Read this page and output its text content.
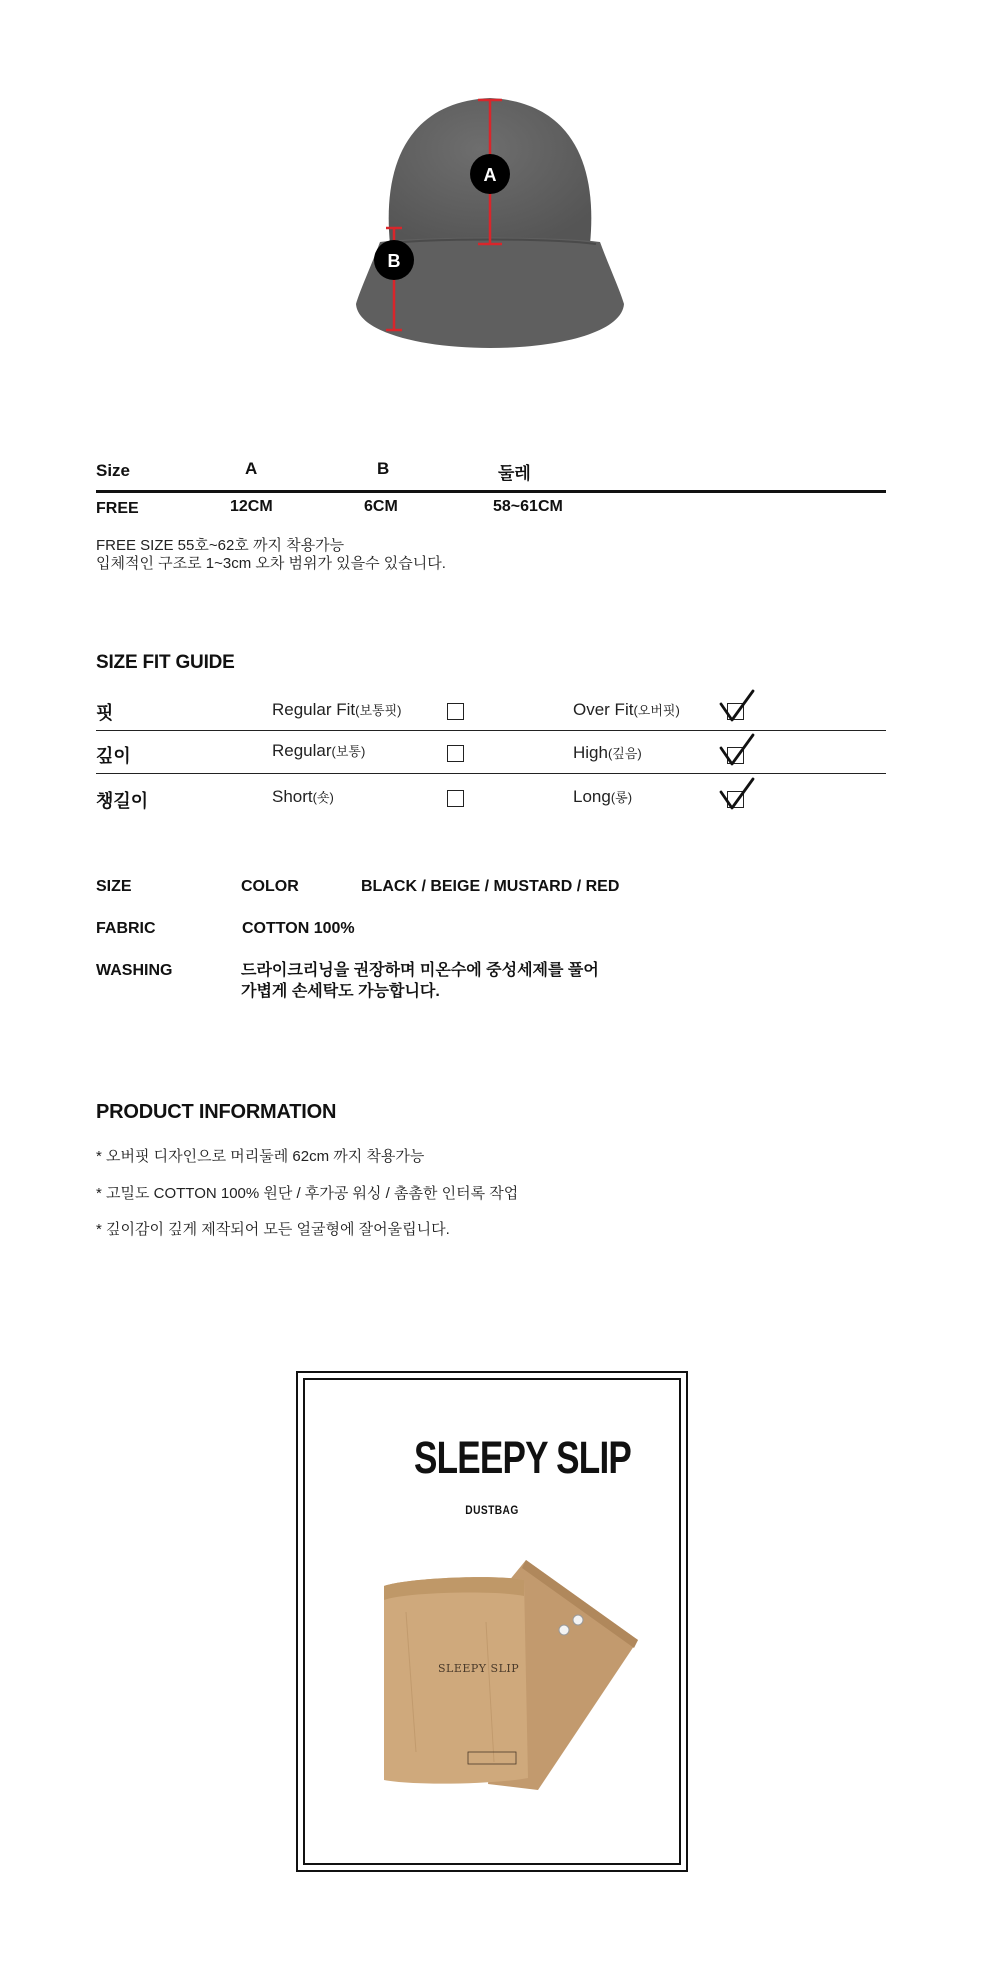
A
B
Size	A	B	둘레
FREE	12CM	6CM	58~61CM
FREE SIZE 55호~62호 까지 착용가능
입체적인 구조로 1~3cm 오차 범위가 있을수 있습니다.
SIZE FIT GUIDE
핏	Regular Fit(보통핏)	Over Fit(오버핏)
깊이	Regular(보통)	High(깊음)
챙길이	Short(숏)	Long(롱)
SIZE	COLOR	BLACK / BEIGE / MUSTARD / RED
FABRIC	COTTON 100%
WASHING	드라이크리닝을 권장하며 미온수에 중성세제를 풀어
가볍게 손세탁도 가능합니다.
PRODUCT INFORMATION
* 오버핏 디자인으로 머리둘레 62cm 까지 착용가능
* 고밀도 COTTON 100% 원단 / 후가공 워싱 / 촘촘한 인터록 작업
* 깊이감이 깊게 제작되어 모든 얼굴형에 잘어울립니다.
SLEEPY SLIP
DUSTBAG
SLEEPY SLIP
